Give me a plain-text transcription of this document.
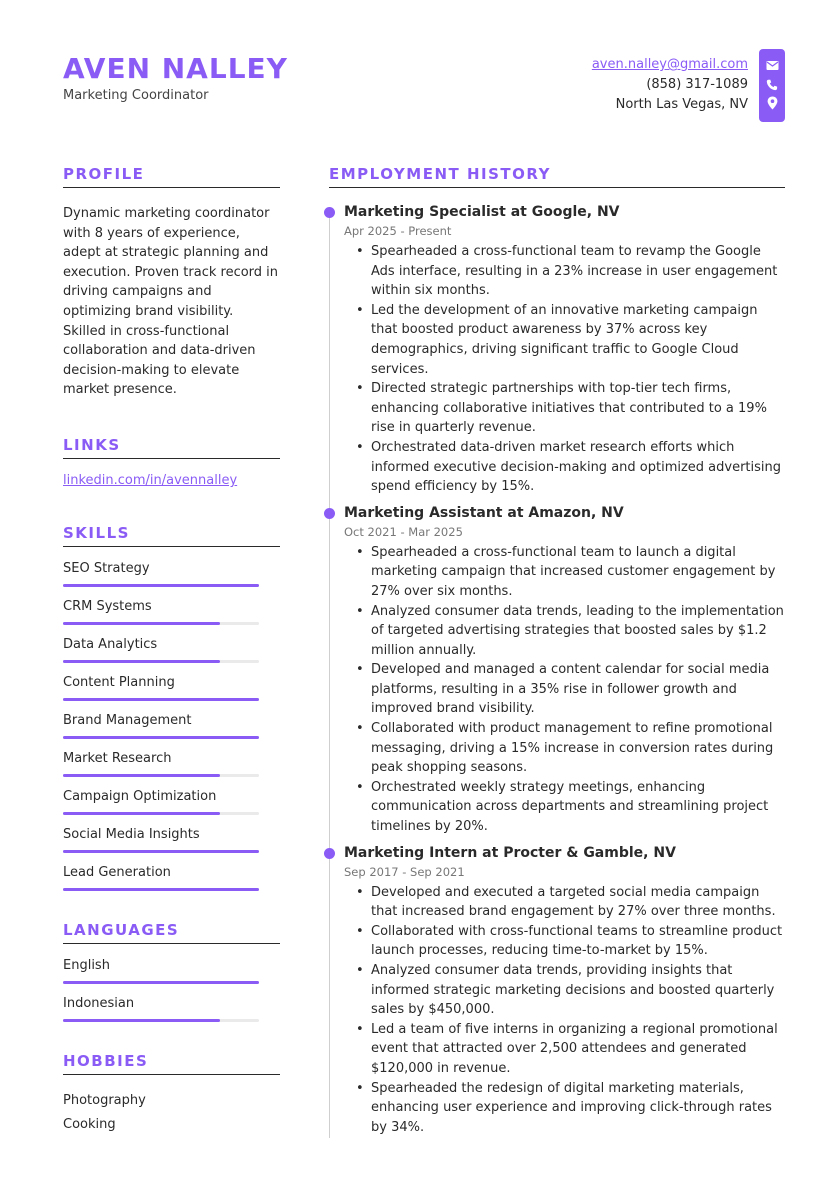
AVEN NALLEY
Marketing Coordinator
aven.nalley@gmail.com
(858) 317-1089
North Las Vegas, NV
PROFILE
Dynamic marketing coordinator with 8 years of experience, adept at strategic planning and execution. Proven track record in driving campaigns and optimizing brand visibility. Skilled in cross-functional collaboration and data-driven decision-making to elevate market presence.
LINKS
linkedin.com/in/avennalley
SKILLS
SEO Strategy
CRM Systems
Data Analytics
Content Planning
Brand Management
Market Research
Campaign Optimization
Social Media Insights
Lead Generation
LANGUAGES
English
Indonesian
HOBBIES
Photography
Cooking
EMPLOYMENT HISTORY
Marketing Specialist at Google, NV
Apr 2025 - Present
• Spearheaded a cross-functional team to revamp the Google Ads interface, resulting in a 23% increase in user engagement within six months.
• Led the development of an innovative marketing campaign that boosted product awareness by 37% across key demographics, driving significant traffic to Google Cloud services.
• Directed strategic partnerships with top-tier tech firms, enhancing collaborative initiatives that contributed to a 19% rise in quarterly revenue.
• Orchestrated data-driven market research efforts which informed executive decision-making and optimized advertising spend efficiency by 15%.
Marketing Assistant at Amazon, NV
Oct 2021 - Mar 2025
• Spearheaded a cross-functional team to launch a digital marketing campaign that increased customer engagement by 27% over six months.
• Analyzed consumer data trends, leading to the implementation of targeted advertising strategies that boosted sales by $1.2 million annually.
• Developed and managed a content calendar for social media platforms, resulting in a 35% rise in follower growth and improved brand visibility.
• Collaborated with product management to refine promotional messaging, driving a 15% increase in conversion rates during peak shopping seasons.
• Orchestrated weekly strategy meetings, enhancing communication across departments and streamlining project timelines by 20%.
Marketing Intern at Procter & Gamble, NV
Sep 2017 - Sep 2021
• Developed and executed a targeted social media campaign that increased brand engagement by 27% over three months.
• Collaborated with cross-functional teams to streamline product launch processes, reducing time-to-market by 15%.
• Analyzed consumer data trends, providing insights that informed strategic marketing decisions and boosted quarterly sales by $450,000.
• Led a team of five interns in organizing a regional promotional event that attracted over 2,500 attendees and generated $120,000 in revenue.
• Spearheaded the redesign of digital marketing materials, enhancing user experience and improving click-through rates by 34%.
